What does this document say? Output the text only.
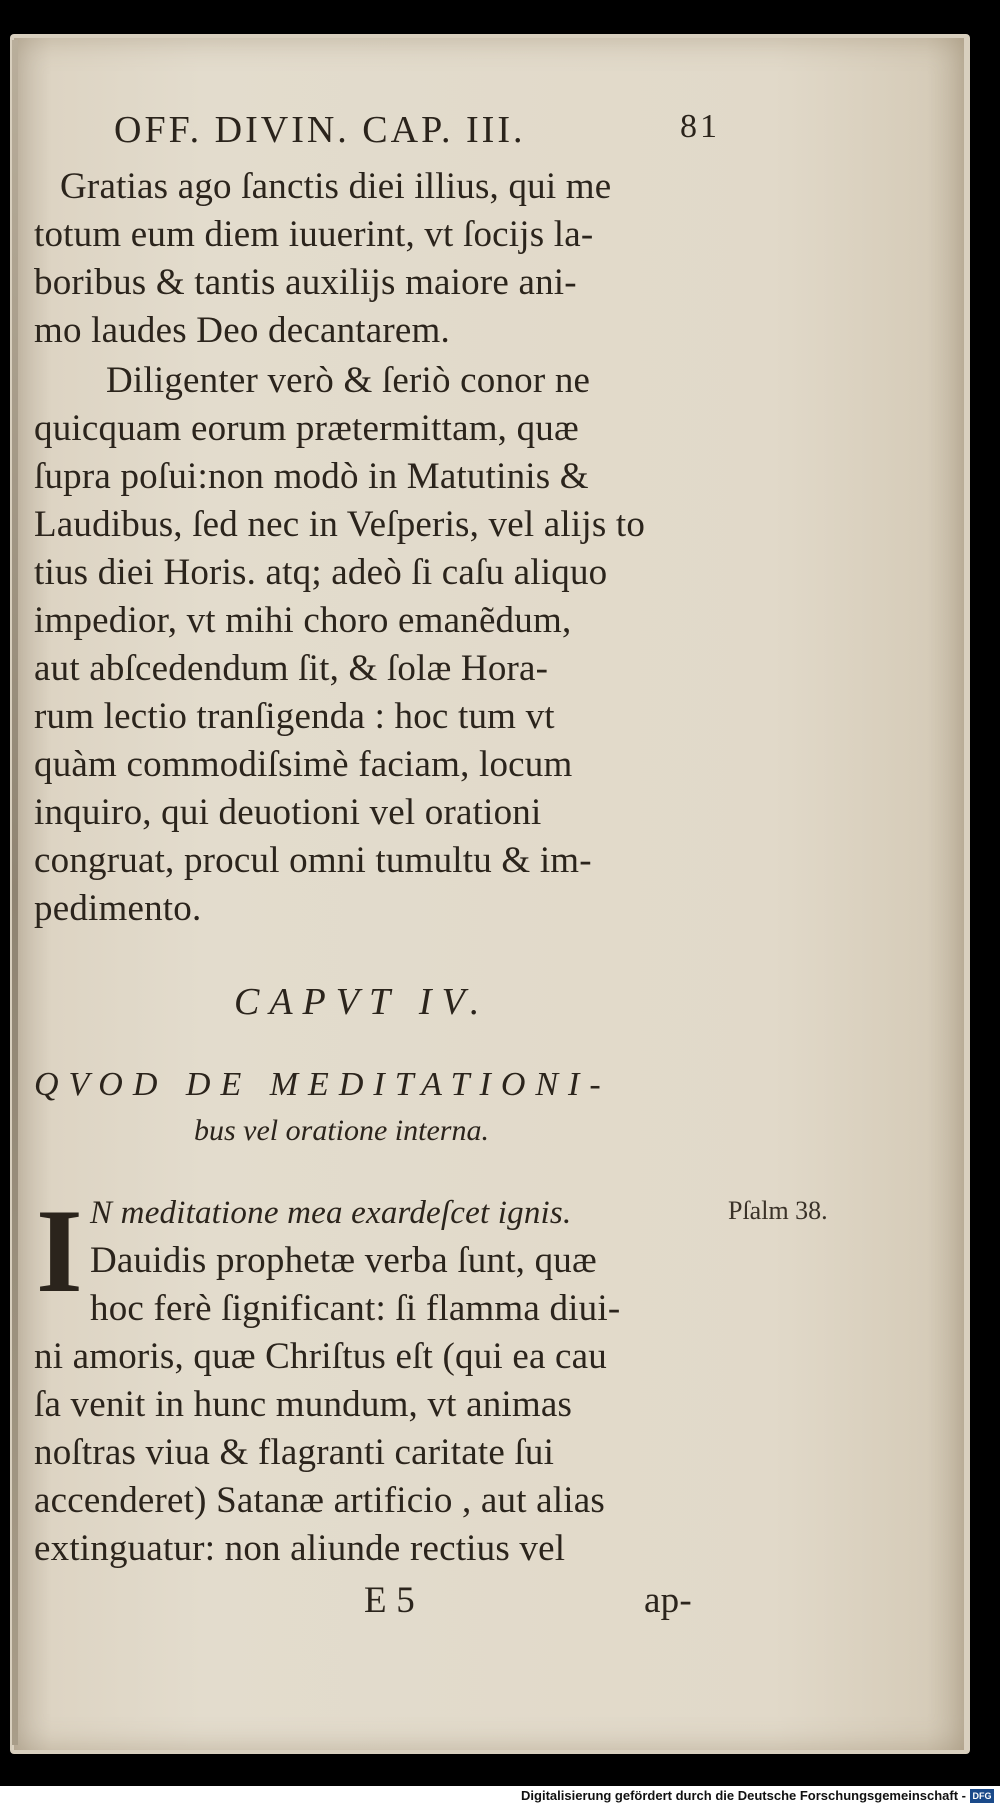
OFF. DIVIN. CAP. III.	81
Gratias ago ſanctis diei illius, qui me
totum eum diem iuuerint, vt ſocijs la-
boribus & tantis auxilijs maiore ani-
mo laudes Deo decantarem.
Diligenter verò & ſeriò conor ne
quicquam eorum prætermittam, quæ
ſupra poſui:non modò in Matutinis &
Laudibus, ſed nec in Veſperis, vel alijs to
tius diei Horis. atq; adeò ſi caſu aliquo
impedior, vt mihi choro emanẽdum,
aut abſcedendum ſit, & ſolæ Hora-
rum lectio tranſigenda : hoc tum vt
quàm commodiſsimè faciam, locum
inquiro, qui deuotioni vel orationi
congruat, procul omni tumultu & im-
pedimento.
CAPVT IV.
QVOD DE MEDITATIONI-
bus vel oratione interna.
N meditatione mea exardeſcet ignis.
Dauidis prophetæ verba ſunt, quæ
hoc ferè ſignificant: ſi flamma diui-
ni amoris, quæ Chriſtus eſt (qui ea cau
ſa venit in hunc mundum, vt animas
noſtras viua & flagranti caritate ſui
accenderet) Satanæ artificio , aut alias
extinguatur: non aliunde rectius vel
E 5	ap-
I	Pſalm 38.
Digitalisierung gefördert durch die Deutsche Forschungsgemeinschaft - DFG
